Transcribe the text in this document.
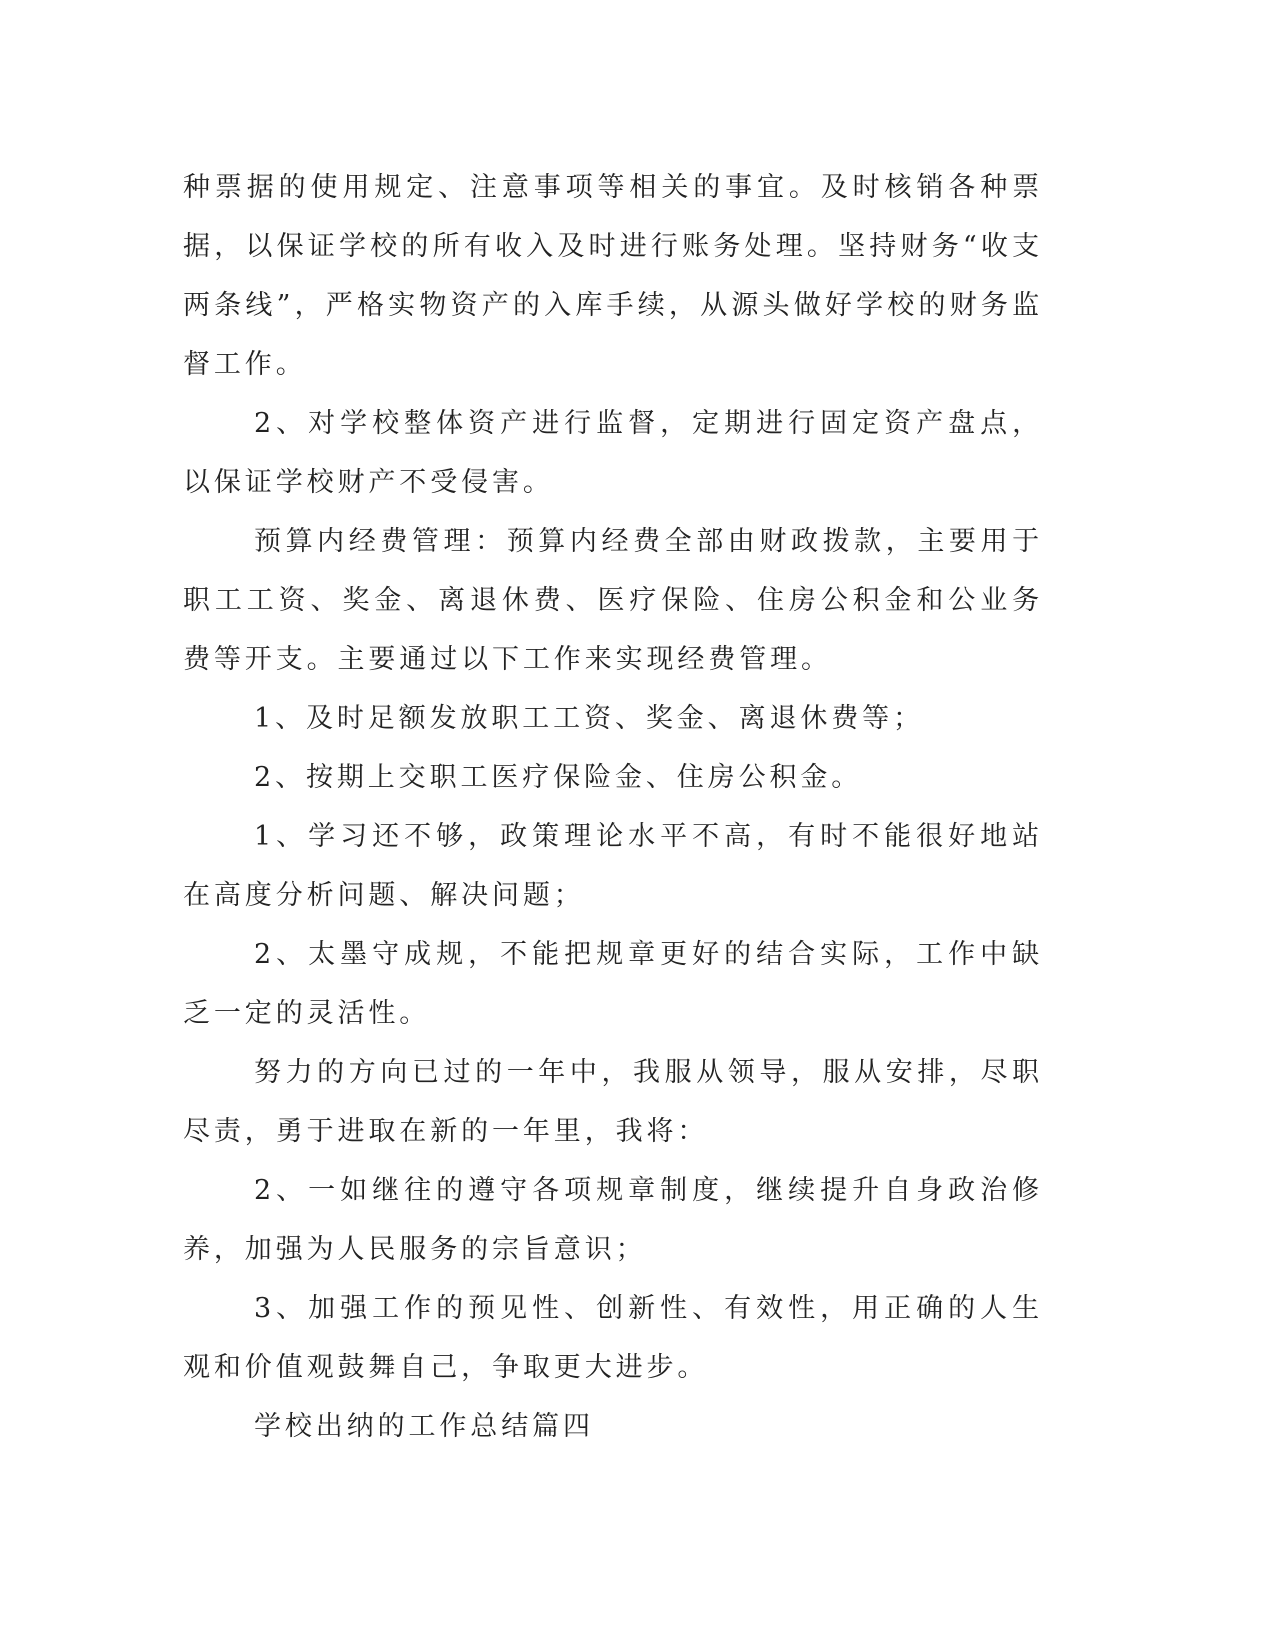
种票据的使用规定、注意事项等相关的事宜。及时核销各种票据，以保证学校的所有收入及时进行账务处理。坚持财务“收支两条线”，严格实物资产的入库手续，从源头做好学校的财务监督工作。

2、对学校整体资产进行监督，定期进行固定资产盘点，以保证学校财产不受侵害。

预算内经费管理：预算内经费全部由财政拨款，主要用于职工工资、奖金、离退休费、医疗保险、住房公积金和公业务费等开支。主要通过以下工作来实现经费管理。

1、及时足额发放职工工资、奖金、离退休费等；

2、按期上交职工医疗保险金、住房公积金。

1、学习还不够，政策理论水平不高，有时不能很好地站在高度分析问题、解决问题；

2、太墨守成规，不能把规章更好的结合实际，工作中缺乏一定的灵活性。

努力的方向已过的一年中，我服从领导，服从安排，尽职尽责，勇于进取在新的一年里，我将：

2、一如继往的遵守各项规章制度，继续提升自身政治修养，加强为人民服务的宗旨意识；

3、加强工作的预见性、创新性、有效性，用正确的人生观和价值观鼓舞自己，争取更大进步。

学校出纳的工作总结篇四
